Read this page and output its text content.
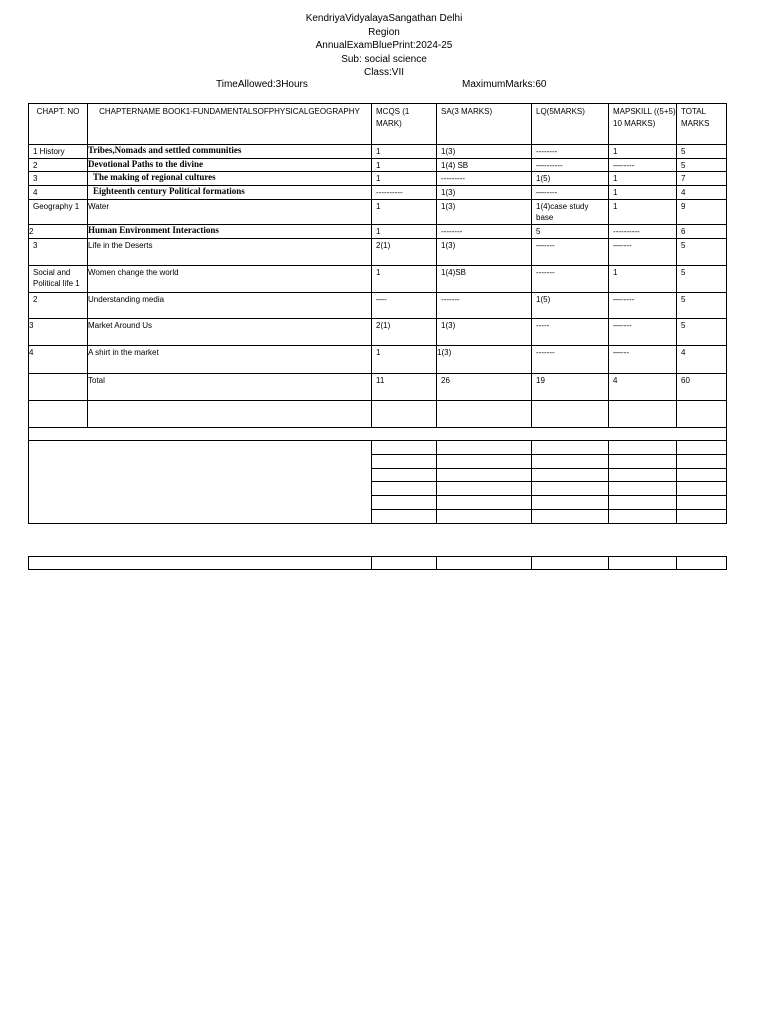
KendriyaVidyalayaSangathan Delhi
Region
AnnualExamBluePrint:2024-25
Sub: social science
Class:VII
TimeAllowed:3Hours	MaximumMarks:60
CHAPT. NO	CHAPTERNAME BOOK1-FUNDAMENTALSOFPHYSICALGEOGRAPHY	MCQS (1 MARK)	SA(3 MARKS)	LQ(5MARKS)	MAPSKILL ((5+5) 10 MARKS)	TOTAL MARKS

1 History	Tribes,Nomads and settled communities	1	1(3)	--------	1	5

2	Devotional Paths to the divine	1	1(4) SB	—-------	—-----	5

3	The making of regional cultures	1	---------	1(5)	1	7

4	Eighteenth century Political formations	----------	1(3)	—-----	1	4

Geography 1	Water	1	1(3)	1(4)case study base	1	9

2	Human Environment Interactions	1	--------	5	----------	6

3	Life in the Deserts	2(1)	1(3)	—----	—----	5

Social and Political life 1	Women change the world	1	1(4)SB	-------	1	5

2	Understanding media	—-	-------	1(5)	—-----	5

3	Market Around Us	2(1)	1(3)	-----	—----	5

4	A shirt in the market	1	1(3)	-------	—---	4

	Total	11	26	19	4	60
